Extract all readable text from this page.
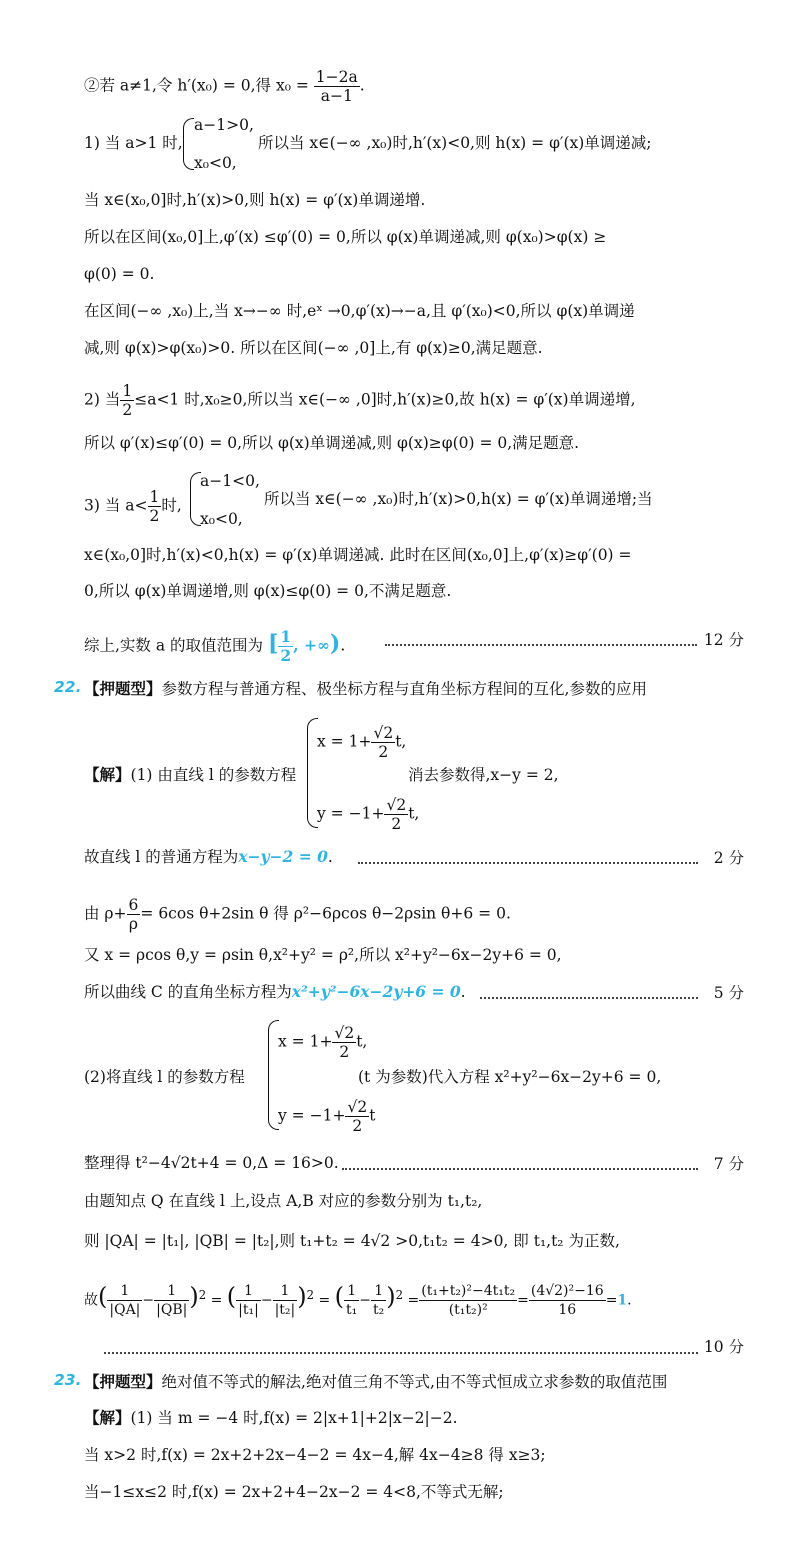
②若 a≠1,令 h′(x₀) = 0,得 $x_0 = \frac{1-2a}{a-1}$ .
1) 当 a>1 时,
a−1>0,
x₀<0,
所以当 x∈(−∞ ,x₀)时,h′(x)<0,则 h(x) = φ′(x)单调递减;
当 x∈(x₀,0]时,h′(x)>0,则 h(x) = φ′(x)单调递增.
所以在区间(x₀,0]上,φ′(x) ≤φ′(0) = 0,所以 φ(x)单调递减,则 φ(x₀)>φ(x) ≥
φ(0) = 0.
在区间(−∞ ,x₀)上,当 x→−∞ 时,eˣ →0,φ′(x)→−a,且 φ′(x₀)<0,所以 φ(x)单调递
减,则 φ(x)>φ(x₀)>0. 所以在区间(−∞ ,0]上,有 φ(x)≥0,满足题意.
2) 当 $\frac{1}{2} \le a<1$ 时,x₀≥0,所以当 x∈(−∞ ,0]时,h′(x)≥0,故 h(x) = φ′(x)单调递增,
所以 φ′(x)≤φ′(0) = 0,所以 φ(x)单调递减,则 φ(x)≥φ(0) = 0,满足题意.
3) 当 $a< \frac{1}{2}$ 时,
a−1<0,
x₀<0,
所以当 x∈(−∞ ,x₀)时,h′(x)>0,h(x) = φ′(x)单调递增;当
x∈(x₀,0]时,h′(x)<0,h(x) = φ′(x)单调递减. 此时在区间(x₀,0]上,φ′(x)≥φ′(0) =
0,所以 φ(x)单调递增,则 φ(x)≤φ(0) = 0,不满足题意.
综上,实数 a 的取值范围为 [ $\frac{1}{2}$ , +∞).	12 分
22. 【押题型】参数方程与普通方程、极坐标方程与直角坐标方程间的互化,参数的应用
【解】(1) 由直线 l 的参数方程
$x = 1+ \frac{√2}{2} t$,
$y = -1+ \frac{√2}{2} t$,
消去参数得,x−y = 2,
故直线 l 的普通方程为x−y−2 = 0.	2 分
由 $\rho+ \frac{6}{\rho} = 6\cos$ θ+2sin θ 得 ρ²−6ρcos θ−2ρsin θ+6 = 0.
又 x = ρcos θ,y = ρsin θ,x²+y² = ρ²,所以 x²+y²−6x−2y+6 = 0,
所以曲线 C 的直角坐标方程为x²+y²−6x−2y+6 = 0.	5 分
(2)将直线 l 的参数方程
$x = 1+ \frac{√2}{2} t$,
$y = -1+ \frac{√2}{2}$ t
(t 为参数)代入方程 x²+y²−6x−2y+6 = 0,
整理得 t²−4√2t+4 = 0,Δ = 16>0.	7 分
由题知点 Q 在直线 l 上,设点 A,B 对应的参数分别为 t₁,t₂,
则 |QA| = |t₁|, |QB| = |t₂|,则 t₁+t₂ = 4√2 >0,t₁t₂ = 4>0, 即 t₁,t₂ 为正数,
故( $\frac{1}{|QA|} - \frac{1}{|QB|} )^2$ = ( $\frac{1}{\text{|t₁|}} - \frac{1}{\text{|t₂|}} )^2$ = ( $\frac{1}{\text{t₁}} - \frac{1}{\text{t₂}} )^2 = \frac{\text{(t₁+t₂)²−4t₁t₂}}{\text{(t₁t₂)²}} = \frac{\text{(4√2)²−16}}{16} =1$.
10 分
23. 【押题型】绝对值不等式的解法,绝对值三角不等式,由不等式恒成立求参数的取值范围
【解】(1) 当 m = −4 时,f(x) = 2|x+1|+2|x−2|−2.
当 x>2 时,f(x) = 2x+2+2x−4−2 = 4x−4,解 4x−4≥8 得 x≥3;
当−1≤x≤2 时,f(x) = 2x+2+4−2x−2 = 4<8,不等式无解;
